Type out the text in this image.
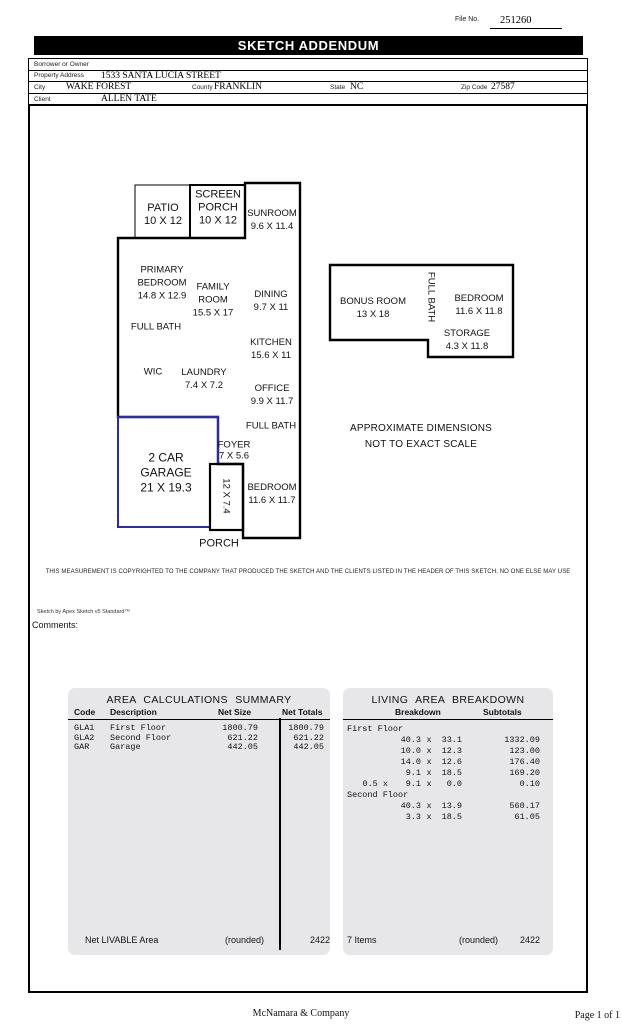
File No.	251260
SKETCH ADDENDUM
Borrower or Owner
Property Address 1533 SANTA LUCIA STREET
City WAKE FOREST	County FRANKLIN	State NC	Zip Code 27587
Client	ALLEN TATE
PATIO
10 X 12
SCREEN
PORCH
10 X 12
SUNROOM
9.6 X 11.4
PRIMARY
BEDROOM
14.8 X 12.9
FAMILY
ROOM
15.5 X 17
DINING
9.7 X 11
FULL BATH
KITCHEN
15.6 X 11
WIC LAUNDRY
7.4 X 7.2	OFFICE
9.9 X 11.7
FULL BATH
FOYER
7 X 5.6
2 CAR
GARAGE
21 X 19.3	12 X 7.4 BEDROOM
11.6 X 11.7
PORCH
BONUS ROOM
13 X 18	FULL BATH BEDROOM
11.6 X 11.8
STORAGE
4.3 X 11.8
APPROXIMATE DIMENSIONS
NOT TO EXACT SCALE
THIS MEASUREMENT IS COPYRIGHTED TO THE COMPANY THAT PRODUCED THE SKETCH AND THE CLIENTS LISTED IN THE HEADER OF THIS SKETCH. NO ONE ELSE MAY USE
Sketch by Apex Sketch v5 Standard™
Comments:
AREA CALCULATIONS SUMMARY
Code Description	Net Size	Net Totals
GLA1	First Floor	1800.79	1800.79
GLA2	Second Floor	621.22	621.22
GAR	Garage	442.05	442.05
Net LIVABLE Area	(rounded)	2422
LIVING AREA BREAKDOWN
Breakdown	Subtotals
First Floor
40.3 x	33.1	1332.09
10.0 x	12.3	123.00
14.0 x	12.6	176.40
9.1 x	18.5	169.20
0.5 x	9.1 x	0.0	0.10
Second Floor
40.3 x	13.9	560.17
3.3 x	18.5	61.05
7 Items	(rounded)	2422
McNamara & Company	Page 1 of 1
